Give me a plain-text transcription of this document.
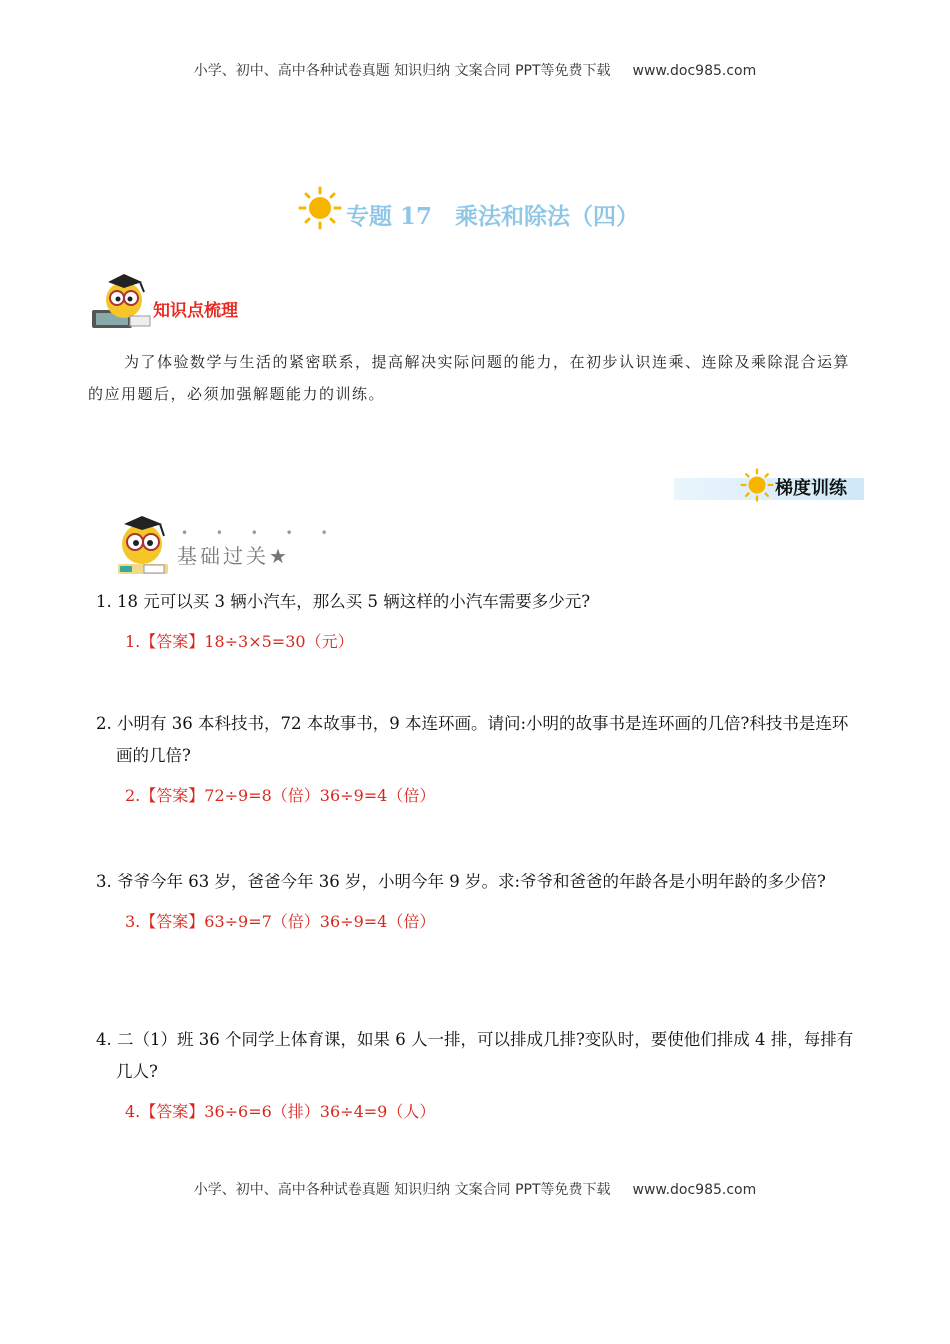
小学、初中、高中各种试卷真题 知识归纳 文案合同 PPT等免费下载 www.doc985.com
专题 17　乘法和除法（四）
知识点梳理
为了体验数学与生活的紧密联系，提高解决实际问题的能力，在初步认识连乘、连除及乘除混合运算的应用题后，必须加强解题能力的训练。
梯度训练
• • • • •
基础过关★
1. 18 元可以买 3 辆小汽车，那么买 5 辆这样的小汽车需要多少元?
1.【答案】18÷3×5=30（元）
2. 小明有 36 本科技书，72 本故事书，9 本连环画。请问:小明的故事书是连环画的几倍?科技书是连环画的几倍?
2.【答案】72÷9=8（倍）36÷9=4（倍）
3. 爷爷今年 63 岁，爸爸今年 36 岁，小明今年 9 岁。求:爷爷和爸爸的年龄各是小明年龄的多少倍?
3.【答案】63÷9=7（倍）36÷9=4（倍）
4. 二（1）班 36 个同学上体育课，如果 6 人一排，可以排成几排?变队时，要使他们排成 4 排，每排有几人?
4.【答案】36÷6=6（排）36÷4=9（人）
小学、初中、高中各种试卷真题 知识归纳 文案合同 PPT等免费下载 www.doc985.com
